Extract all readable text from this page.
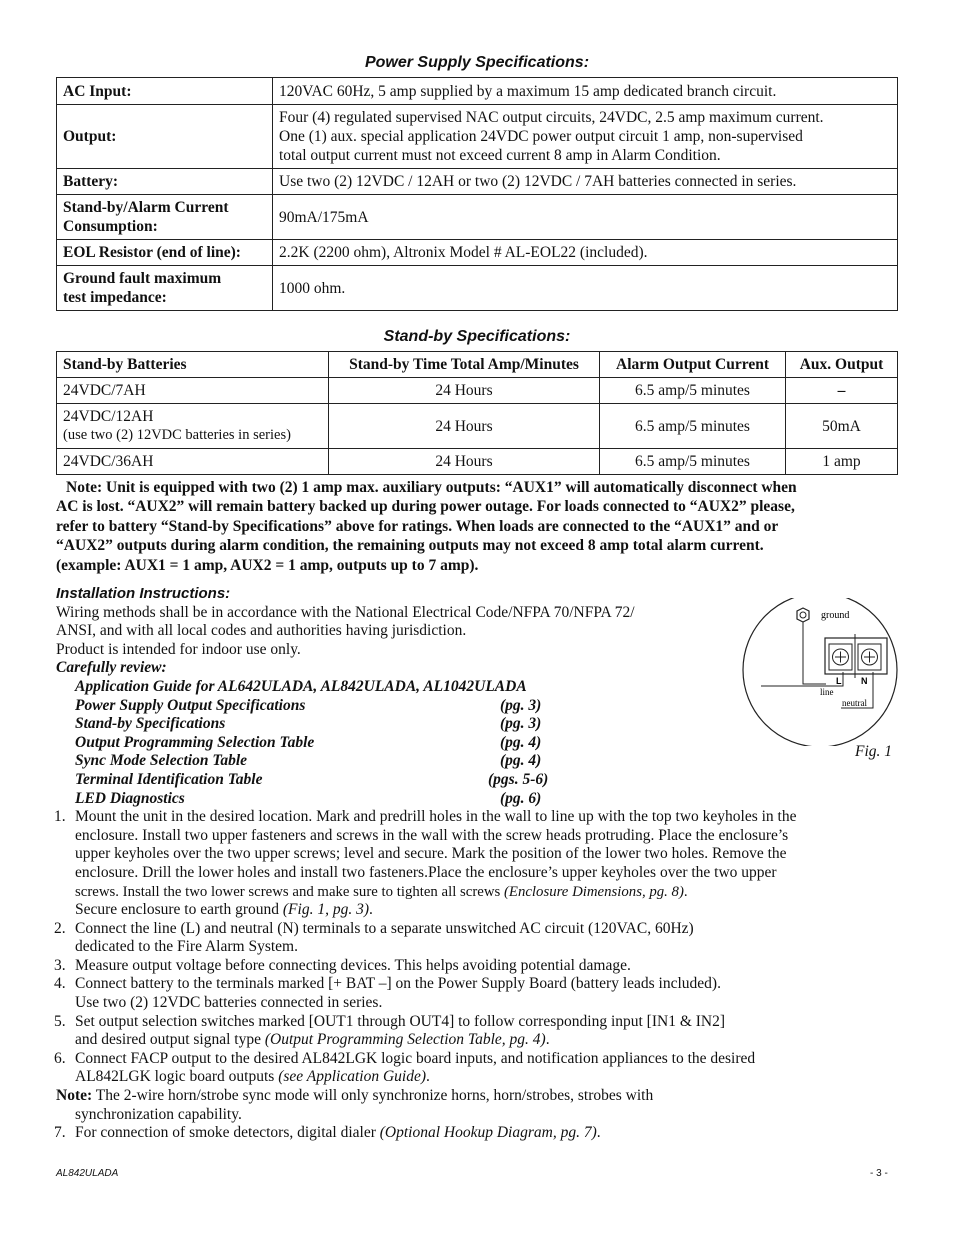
Power Supply Specifications:
AC Input:	120VAC 60Hz, 5 amp supplied by a maximum 15 amp dedicated branch circuit.
Output:	Four (4) regulated supervised NAC output circuits, 24VDC, 2.5 amp maximum current.
One (1) aux. special application 24VDC power output circuit 1 amp, non-supervised
total output current must not exceed current 8 amp in Alarm Condition.

Battery:	Use two (2) 12VDC / 12AH or two (2) 12VDC / 7AH batteries connected in series.

Stand-by/Alarm Current
Consumption:	90mA/175mA
EOL Resistor (end of line):	2.2K (2200 ohm), Altronix Model # AL-EOL22 (included).

Ground fault maximum
test impedance:	1000 ohm.
Stand-by Specifications:
Stand-by Batteries	Stand-by Time Total Amp/Minutes	Alarm Output Current	Aux. Output
24VDC/7AH	24 Hours	6.5 amp/5 minutes	–

24VDC/12AH
(use two (2) 12VDC batteries in series)	24 Hours	6.5 amp/5 minutes	50mA
24VDC/36AH	24 Hours	6.5 amp/5 minutes	1 amp
Note: Unit is equipped with two (2) 1 amp max. auxiliary outputs: “AUX1” will automatically disconnect when
AC is lost. “AUX2” will remain battery backed up during power outage. For loads connected to “AUX2” please,
refer to battery “Stand-by Specifications” above for ratings. When loads are connected to the “AUX1” and or
“AUX2” outputs during alarm condition, the remaining outputs may not exceed 8 amp total alarm current.
(example: AUX1 = 1 amp, AUX2 = 1 amp, outputs up to 7 amp).
Installation Instructions:

Wiring methods shall be in accordance with the National Electrical Code/NFPA 70/NFPA 72/

ANSI, and with all local codes and authorities having jurisdiction.

Product is intended for indoor use only.

Carefully review:

Application Guide for AL642ULADA, AL842ULADA, AL1042ULADA
Power Supply Output Specifications	(pg. 3)
Stand-by Specifications	(pg. 3)
Output Programming Selection Table	(pg. 4)
Sync Mode Selection Table	(pg. 4)
Terminal Identification Table	(pgs. 5-6)
LED Diagnostics	(pg. 6)
1. Mount the unit in the desired location. Mark and predrill holes in the wall to line up with the top two keyholes in the
enclosure. Install two upper fasteners and screws in the wall with the screw heads protruding. Place the enclosure’s
upper keyholes over the two upper screws; level and secure. Mark the position of the lower two holes. Remove the
enclosure. Drill the lower holes and install two fasteners.Place the enclosure’s upper keyholes over the two upper
screws. Install the two lower screws and make sure to tighten all screws (Enclosure Dimensions, pg. 8).
Secure enclosure to earth ground (Fig. 1, pg. 3).
2. Connect the line (L) and neutral (N) terminals to a separate unswitched AC circuit (120VAC, 60Hz)
dedicated to the Fire Alarm System.
3. Measure output voltage before connecting devices. This helps avoiding potential damage.
4. Connect battery to the terminals marked [+ BAT –] on the Power Supply Board (battery leads included).
Use two (2) 12VDC batteries connected in series.
5. Set output selection switches marked [OUT1 through OUT4] to follow corresponding input [IN1 & IN2]
and desired output signal type (Output Programming Selection Table, pg. 4).
6. Connect FACP output to the desired AL842LGK logic board inputs, and notification appliances to the desired
AL842LGK logic board outputs (see Application Guide).
Note: The 2-wire horn/strobe sync mode will only synchronize horns, horn/strobes, strobes with
synchronization capability.
7. For connection of smoke detectors, digital dialer (Optional Hookup Diagram, pg. 7).
ground
L N
line
neutral
Fig. 1
AL842ULADA	- 3 -
